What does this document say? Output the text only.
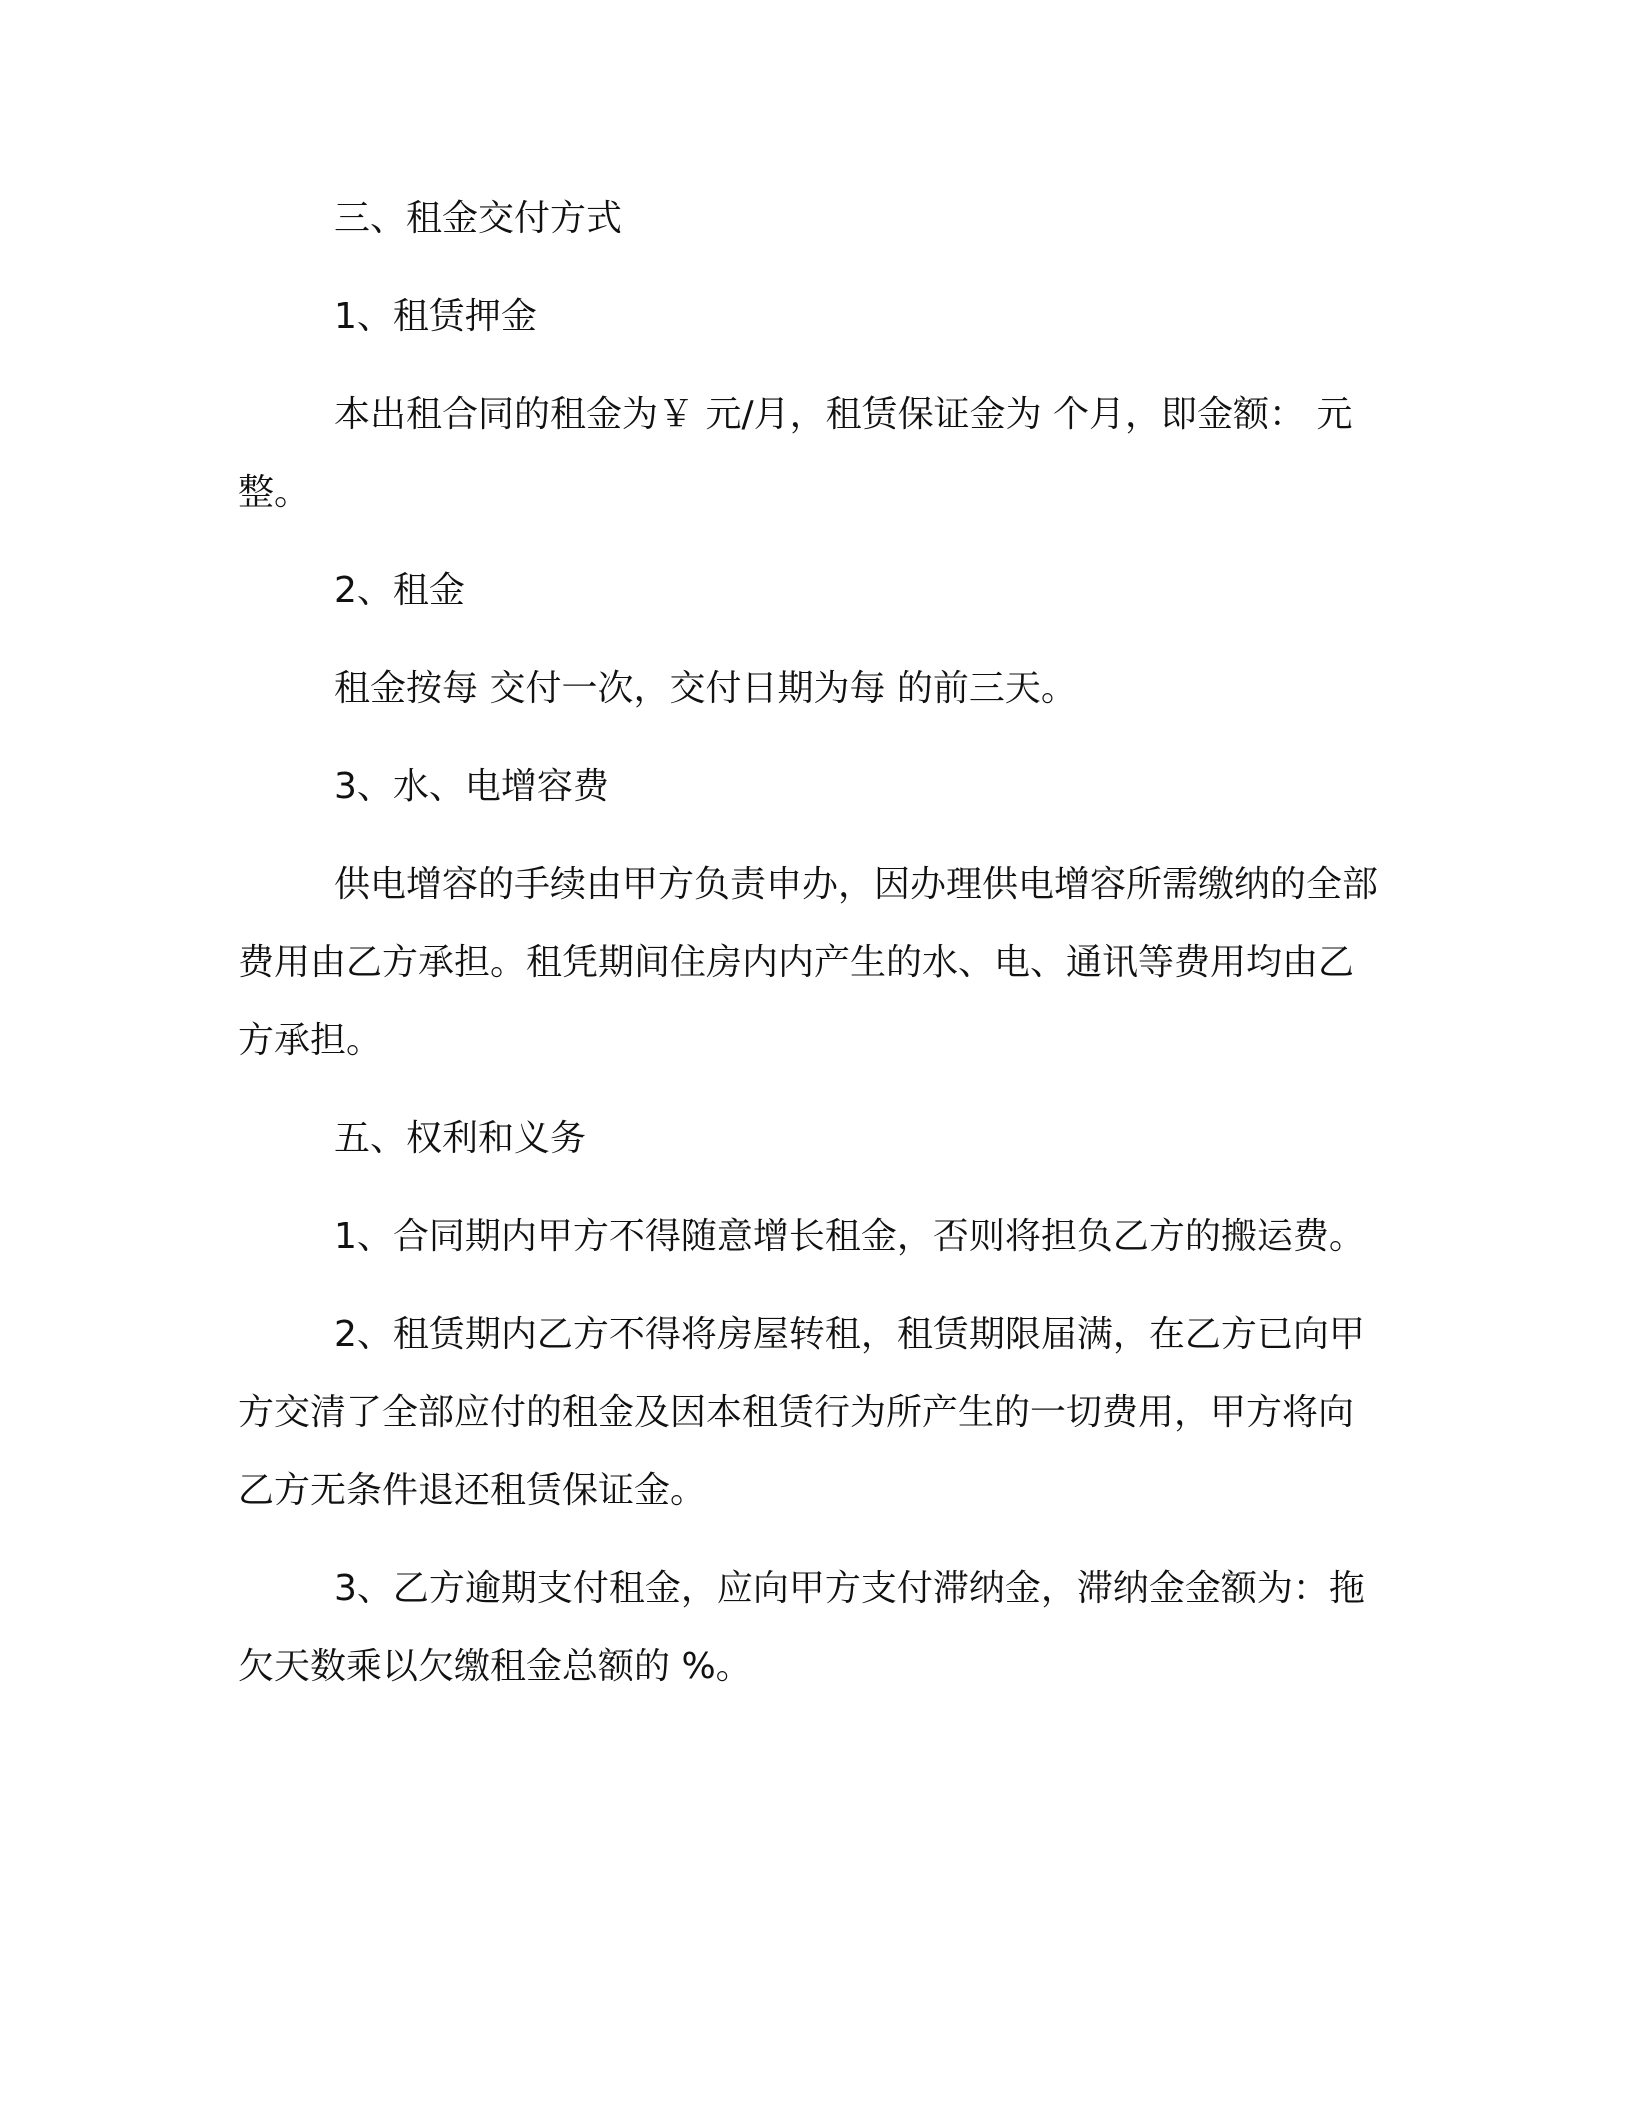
三、租金交付方式

1、租赁押金

本出租合同的租金为￥ 元/月，租赁保证金为 个月，即金额： 元整。

2、租金

租金按每 交付一次，交付日期为每 的前三天。

3、水、电增容费

供电增容的手续由甲方负责申办，因办理供电增容所需缴纳的全部费用由乙方承担。租凭期间住房内内产生的水、电、通讯等费用均由乙方承担。

五、权利和义务

1、合同期内甲方不得随意增长租金，否则将担负乙方的搬运费。

2、租赁期内乙方不得将房屋转租，租赁期限届满，在乙方已向甲方交清了全部应付的租金及因本租赁行为所产生的一切费用，甲方将向乙方无条件退还租赁保证金。

3、乙方逾期支付租金，应向甲方支付滞纳金，滞纳金金额为：拖欠天数乘以欠缴租金总额的 %。
